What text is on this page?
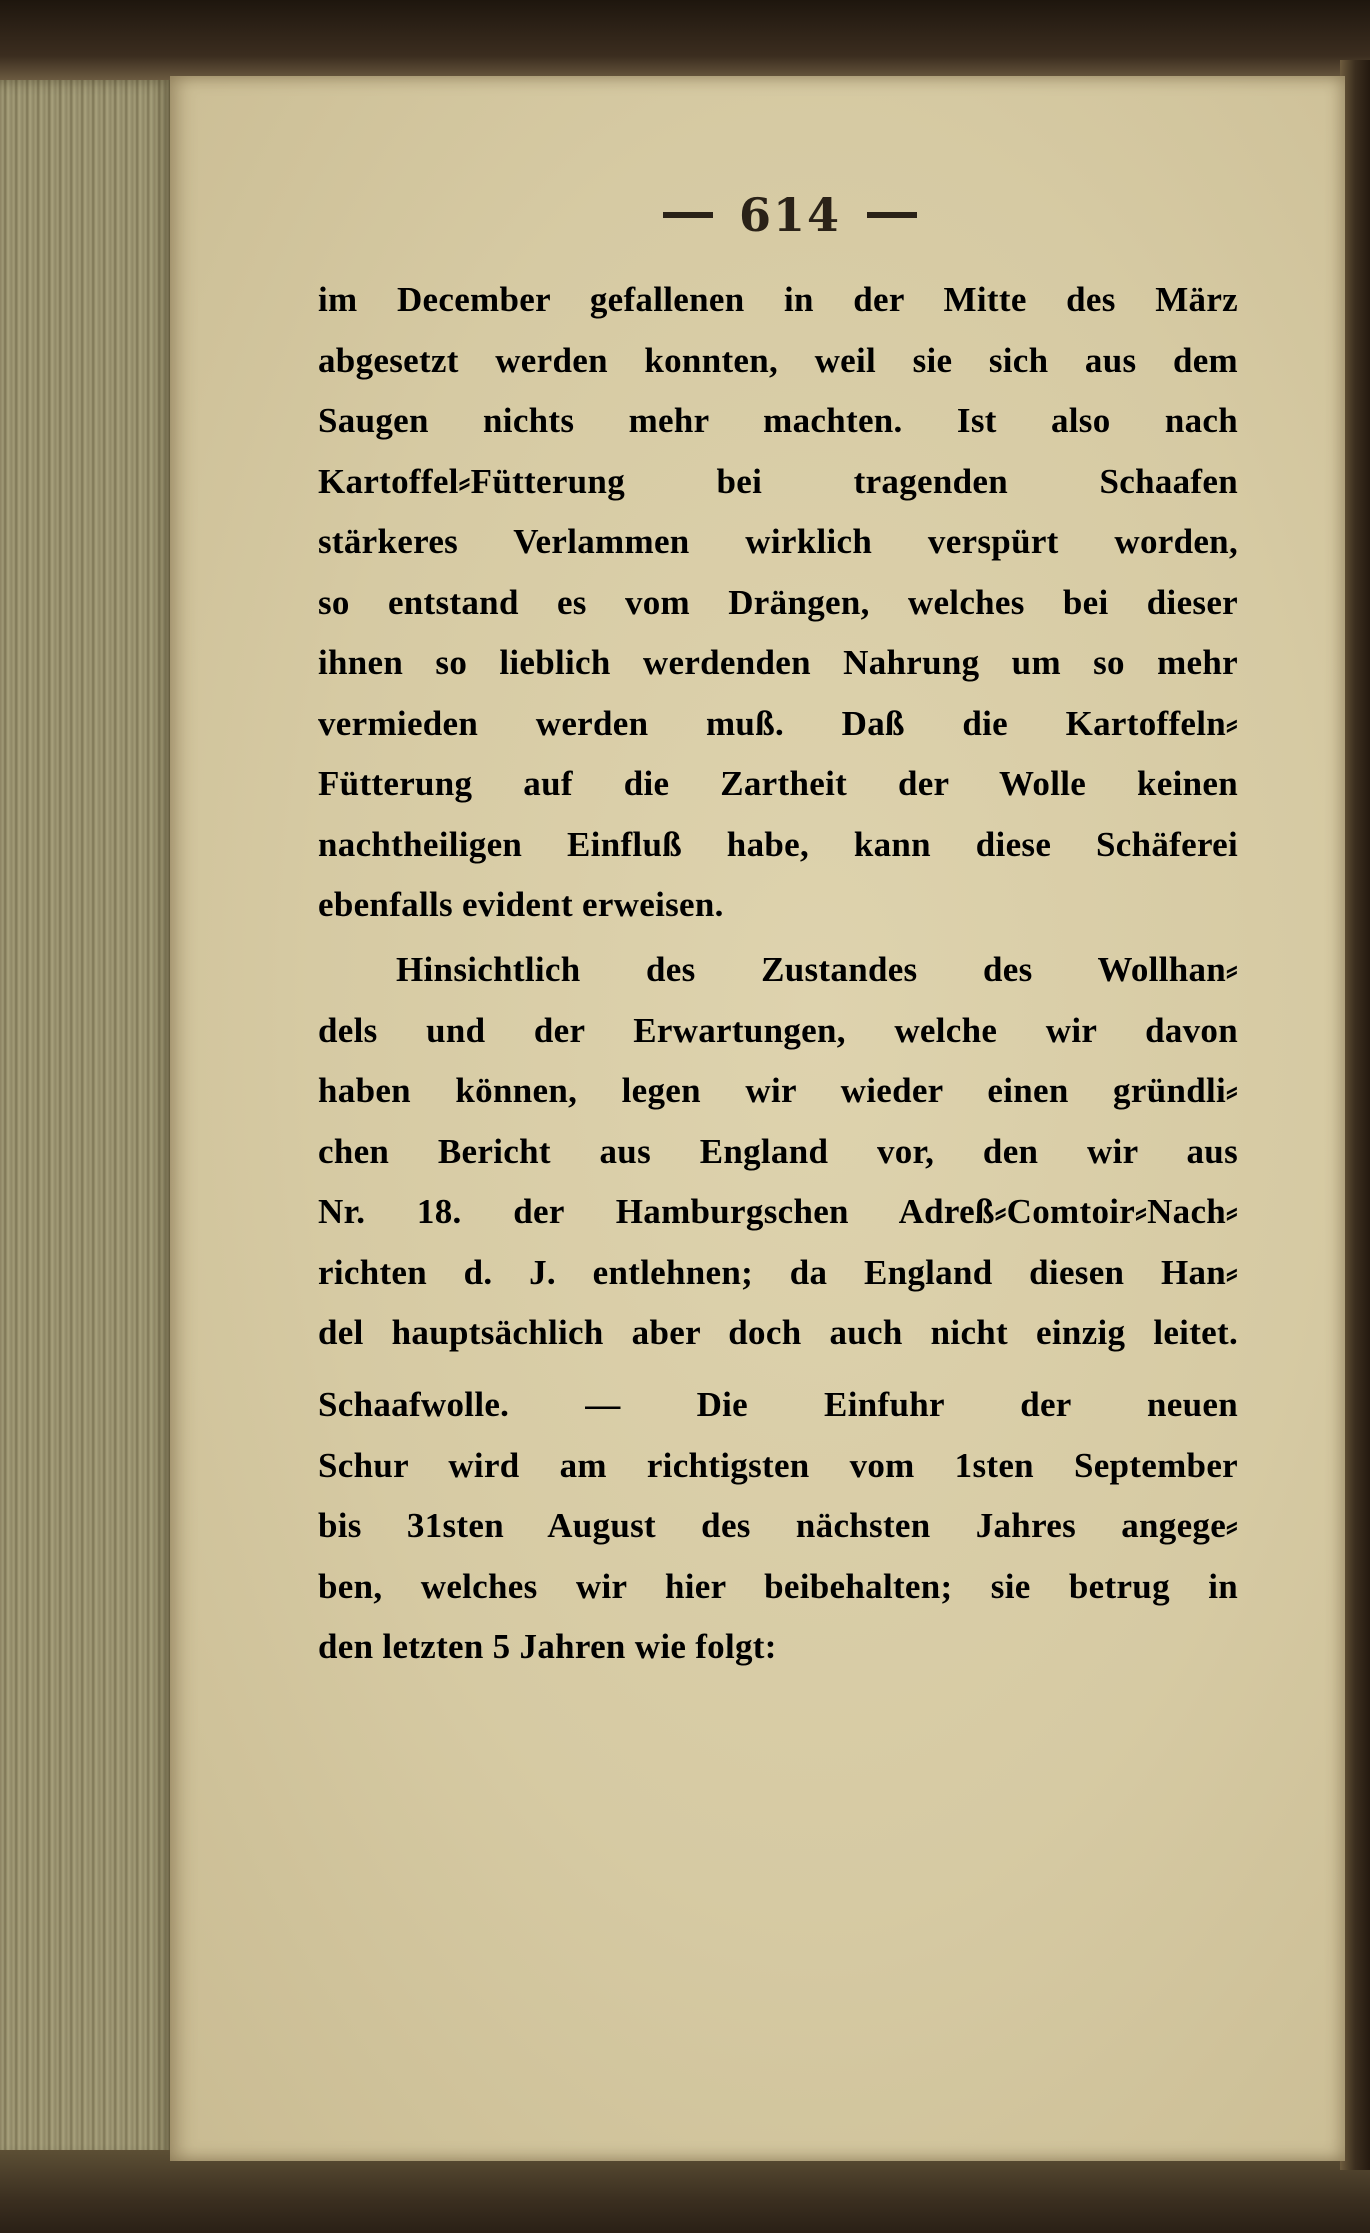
614
im December gefallenen in der Mitte des März
abgesetzt werden konnten, weil sie sich aus dem
Saugen nichts mehr machten. Ist also nach
Kartoffel⸗Fütterung bei tragenden Schaafen
stärkeres Verlammen wirklich verspürt worden,
so entstand es vom Drängen, welches bei dieser
ihnen so lieblich werdenden Nahrung um so mehr
vermieden werden muß. Daß die Kartoffeln⸗
Fütterung auf die Zartheit der Wolle keinen
nachtheiligen Einfluß habe, kann diese Schäferei
ebenfalls evident erweisen.
Hinsichtlich des Zustandes des Wollhan⸗
dels und der Erwartungen, welche wir davon
haben können, legen wir wieder einen gründli⸗
chen Bericht aus England vor, den wir aus
Nr. 18. der Hamburgschen Adreß⸗Comtoir⸗Nach⸗
richten d. J. entlehnen; da England diesen Han⸗
del hauptsächlich aber doch auch nicht einzig leitet.
Schaafwolle. — Die Einfuhr der neuen
Schur wird am richtigsten vom 1sten September
bis 31sten August des nächsten Jahres angege⸗
ben, welches wir hier beibehalten; sie betrug in
den letzten 5 Jahren wie folgt:
